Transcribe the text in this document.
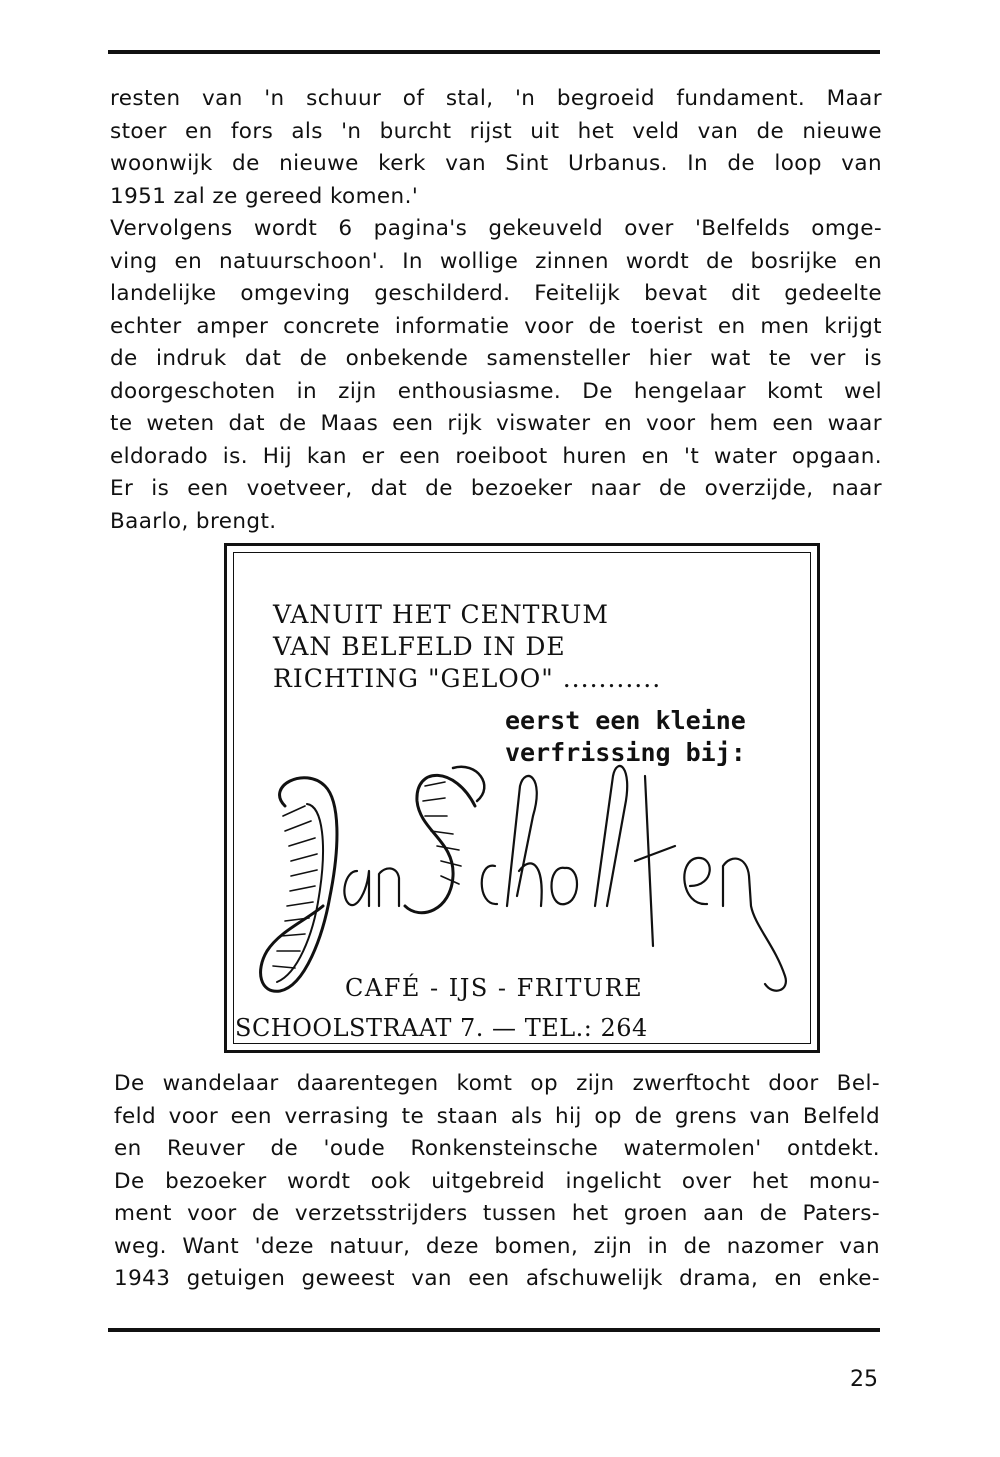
resten van 'n schuur of stal, 'n begroeid fundament. Maar
stoer en fors als 'n burcht rijst uit het veld van de nieuwe
woonwijk de nieuwe kerk van Sint Urbanus. In de loop van
1951 zal ze gereed komen.'
Vervolgens wordt 6 pagina's gekeuveld over 'Belfelds omge-
ving en natuurschoon'. In wollige zinnen wordt de bosrijke en
landelijke omgeving geschilderd. Feitelijk bevat dit gedeelte
echter amper concrete informatie voor de toerist en men krijgt
de indruk dat de onbekende samensteller hier wat te ver is
doorgeschoten in zijn enthousiasme. De hengelaar komt wel
te weten dat de Maas een rijk viswater en voor hem een waar
eldorado is. Hij kan er een roeiboot huren en 't water opgaan.
Er is een voetveer, dat de bezoeker naar de overzijde, naar
Baarlo, brengt.
VANUIT HET CENTRUM
VAN BELFELD IN DE
RICHTING "GELOO" ...........
eerst een kleine
verfrissing bij:
CAFÉ - IJS - FRITURE
SCHOOLSTRAAT 7. — TEL.: 264
De wandelaar daarentegen komt op zijn zwerftocht door Bel-
feld voor een verrasing te staan als hij op de grens van Belfeld
en Reuver de 'oude Ronkensteinsche watermolen' ontdekt.
De bezoeker wordt ook uitgebreid ingelicht over het monu-
ment voor de verzetsstrijders tussen het groen aan de Paters-
weg. Want 'deze natuur, deze bomen, zijn in de nazomer van
1943 getuigen geweest van een afschuwelijk drama, en enke-
25
